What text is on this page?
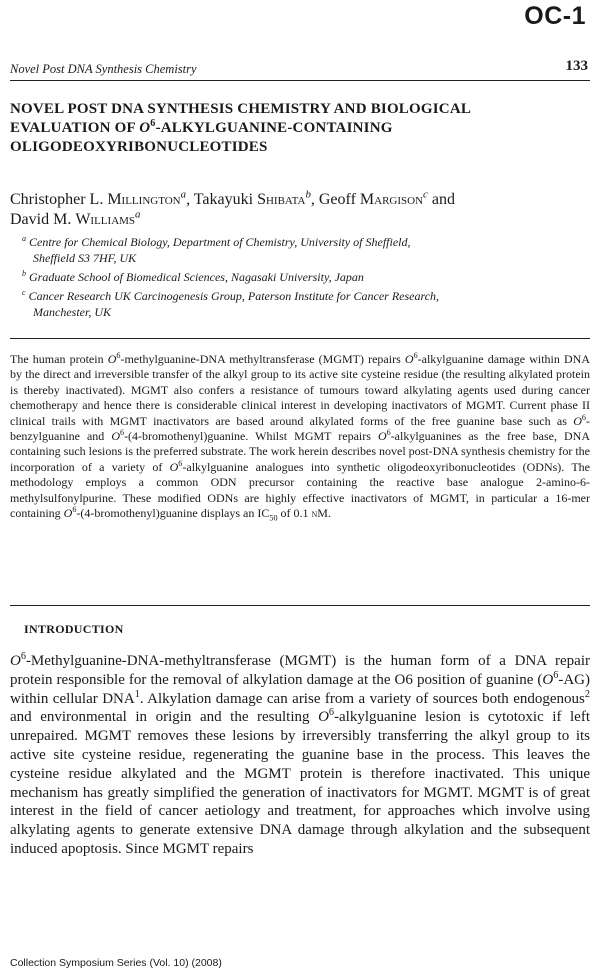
OC-1
Novel Post DNA Synthesis Chemistry	133
NOVEL POST DNA SYNTHESIS CHEMISTRY AND BIOLOGICAL
EVALUATION OF $O^6-ALKYLGUANINE$-CONTAINING
OLIGODEOXYRIBONUCLEOTIDES
Christopher L. Millington$^a$, Takayuki Shibata$^b$, Geoff Margison$^c$ and
David M. Williams$^a$
$^a$ Centre for Chemical Biology, Department of Chemistry, University of Sheffield,
Sheffield S3 7HF, UK
$^b$ Graduate School of Biomedical Sciences, Nagasaki University, Japan
$^c$ Cancer Research UK Carcinogenesis Group, Paterson Institute for Cancer Research,
Manchester, UK
The human protein $O^6-methylguanine$-DNA methyltransferase (MGMT) repairs $O^6$-alkylguanine damage within DNA by the direct and irreversible transfer of the alkyl group to its active site cysteine residue (the resulting alkylated protein is thereby inactivated). MGMT also confers a resistance of tumours toward alkylating agents used during cancer chemotherapy and hence there is considerable clinical interest in developing inactivators of MGMT. Current phase II clinical trails with MGMT inactivators are based around alkylated forms of the free guanine base such as $O^6$-benzylguanine and $O^6-(4-bromothenyl)guanine$. Whilst MGMT repairs $O^6$-alkylguanines as the free base, DNA containing such lesions is the preferred substrate. The work herein describes novel post-DNA synthesis chemistry for the incorporation of a variety of $O^6$-alkylguanine analogues into synthetic oligodeoxyribonucleotides (ODNs). The methodology employs a common ODN precursor containing the reactive base analogue 2-amino-6-methylsulfonylpurine. These modified ODNs are highly effective inactivators of MGMT, in particular a 16-mer containing $O^6-(4-bromothenyl)guanine$ displays an $IC_{50}$ of 0.1 nM.
INTRODUCTION
$O^6-Methylguanine-DNA$-methyltransferase (MGMT) is the human form of a DNA repair protein responsible for the removal of alkylation damage at the O6 position of guanine $(O^6-AG)$ within cellular DNA$^1$. Alkylation damage can arise from a variety of sources both endogenous$^2$ and environmental in origin and the resulting $O^6$-alkylguanine lesion is cytotoxic if left unrepaired. MGMT removes these lesions by irreversibly transferring the alkyl group to its active site cysteine residue, regenerating the guanine base in the process. This leaves the cysteine residue alkylated and the MGMT protein is therefore inactivated. This unique mechanism has greatly simplified the generation of inactivators for MGMT. MGMT is of great interest in the field of cancer aetiology and treatment, for approaches which involve using alkylating agents to generate extensive DNA damage through alkylation and the subsequent induced apoptosis. Since MGMT repairs
Collection Symposium Series (Vol. 10) (2008)
